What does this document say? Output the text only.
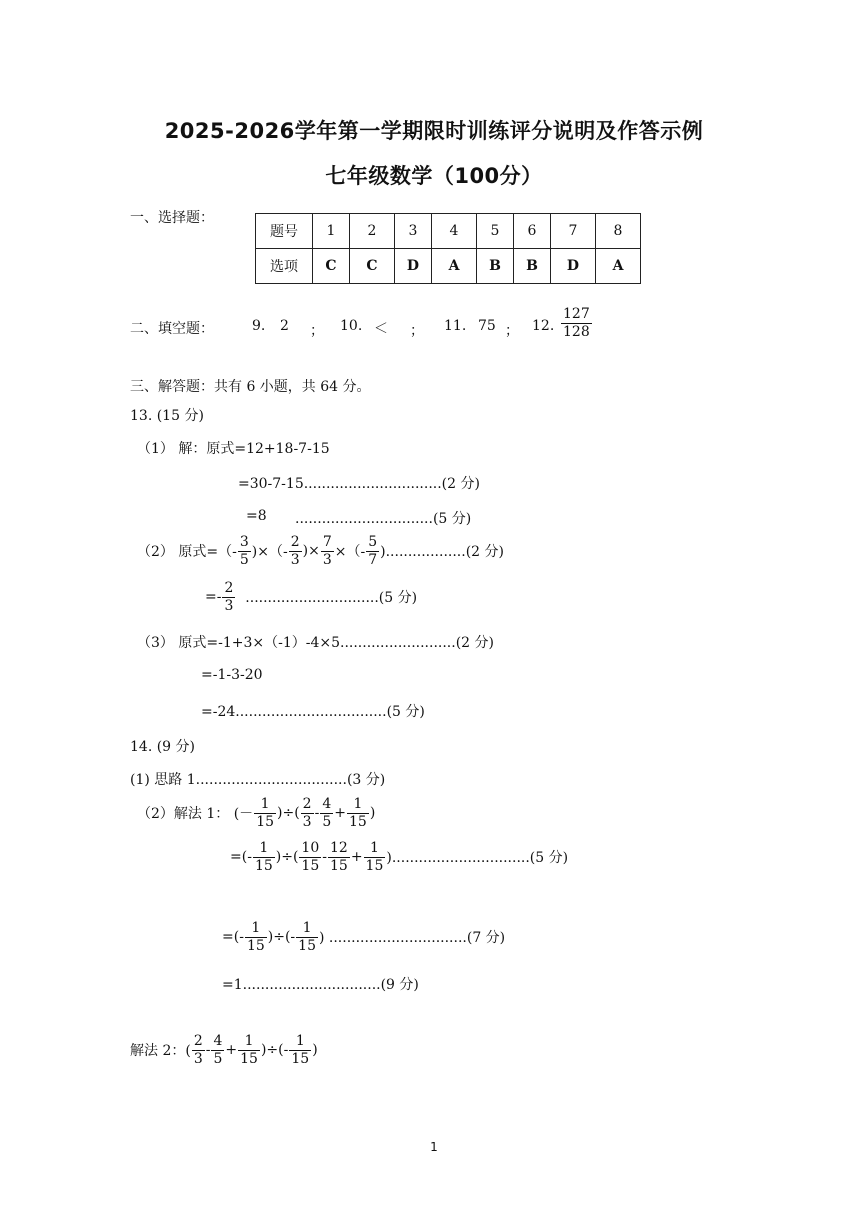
2025-2026学年第一学期限时训练评分说明及作答示例
七年级数学（100分）
一、选择题：
题号	1	2	3	4	5	6	7	8
选项	C	C	D	A	B	B	D	A
二、填空题：	9. 2 ； 10. ＜ ； 11. 75 ； 12. $\frac{127}{128}$
三、解答题：共有 6 小题，共 64 分。
13. (15 分)
（1） 解：原式=12+18-7-15
=30-7-15...............................(2 分)
=8 ...............................(5 分)
（2） 原式=（- $\frac{3}{5}$ )×（- $\frac{2}{3}$ )× $\frac{7}{3}$ ×（- $\frac{5}{7} )..................(2$ 分)
=- $\frac{2}{3} ..............................(5$ 分)
（3） 原式=-1+3×（-1）-4×5..........................(2 分)
=-1-3-20
=-24..................................(5 分)
14. (9 分)
(1) 思路 1..................................(3 分)
（2）解法 1： (－ $\frac{1}{15}$ )÷( $\frac{2}{3} - \frac{4}{5} + \frac{1}{15}$ )
=(- $\frac{1}{15}$ )÷( $\frac{10}{15} - \frac{12}{15} + \frac{1}{15} )...............................(5$ 分)
=(- $\frac{1}{15}$ )÷(- $\frac{1}{15}$ ) ...............................(7 分)
=1...............................(9 分)
解法 2：( $\frac{2}{3} - \frac{4}{5} + \frac{1}{15}$ )÷(- $\frac{1}{15}$ )
1
